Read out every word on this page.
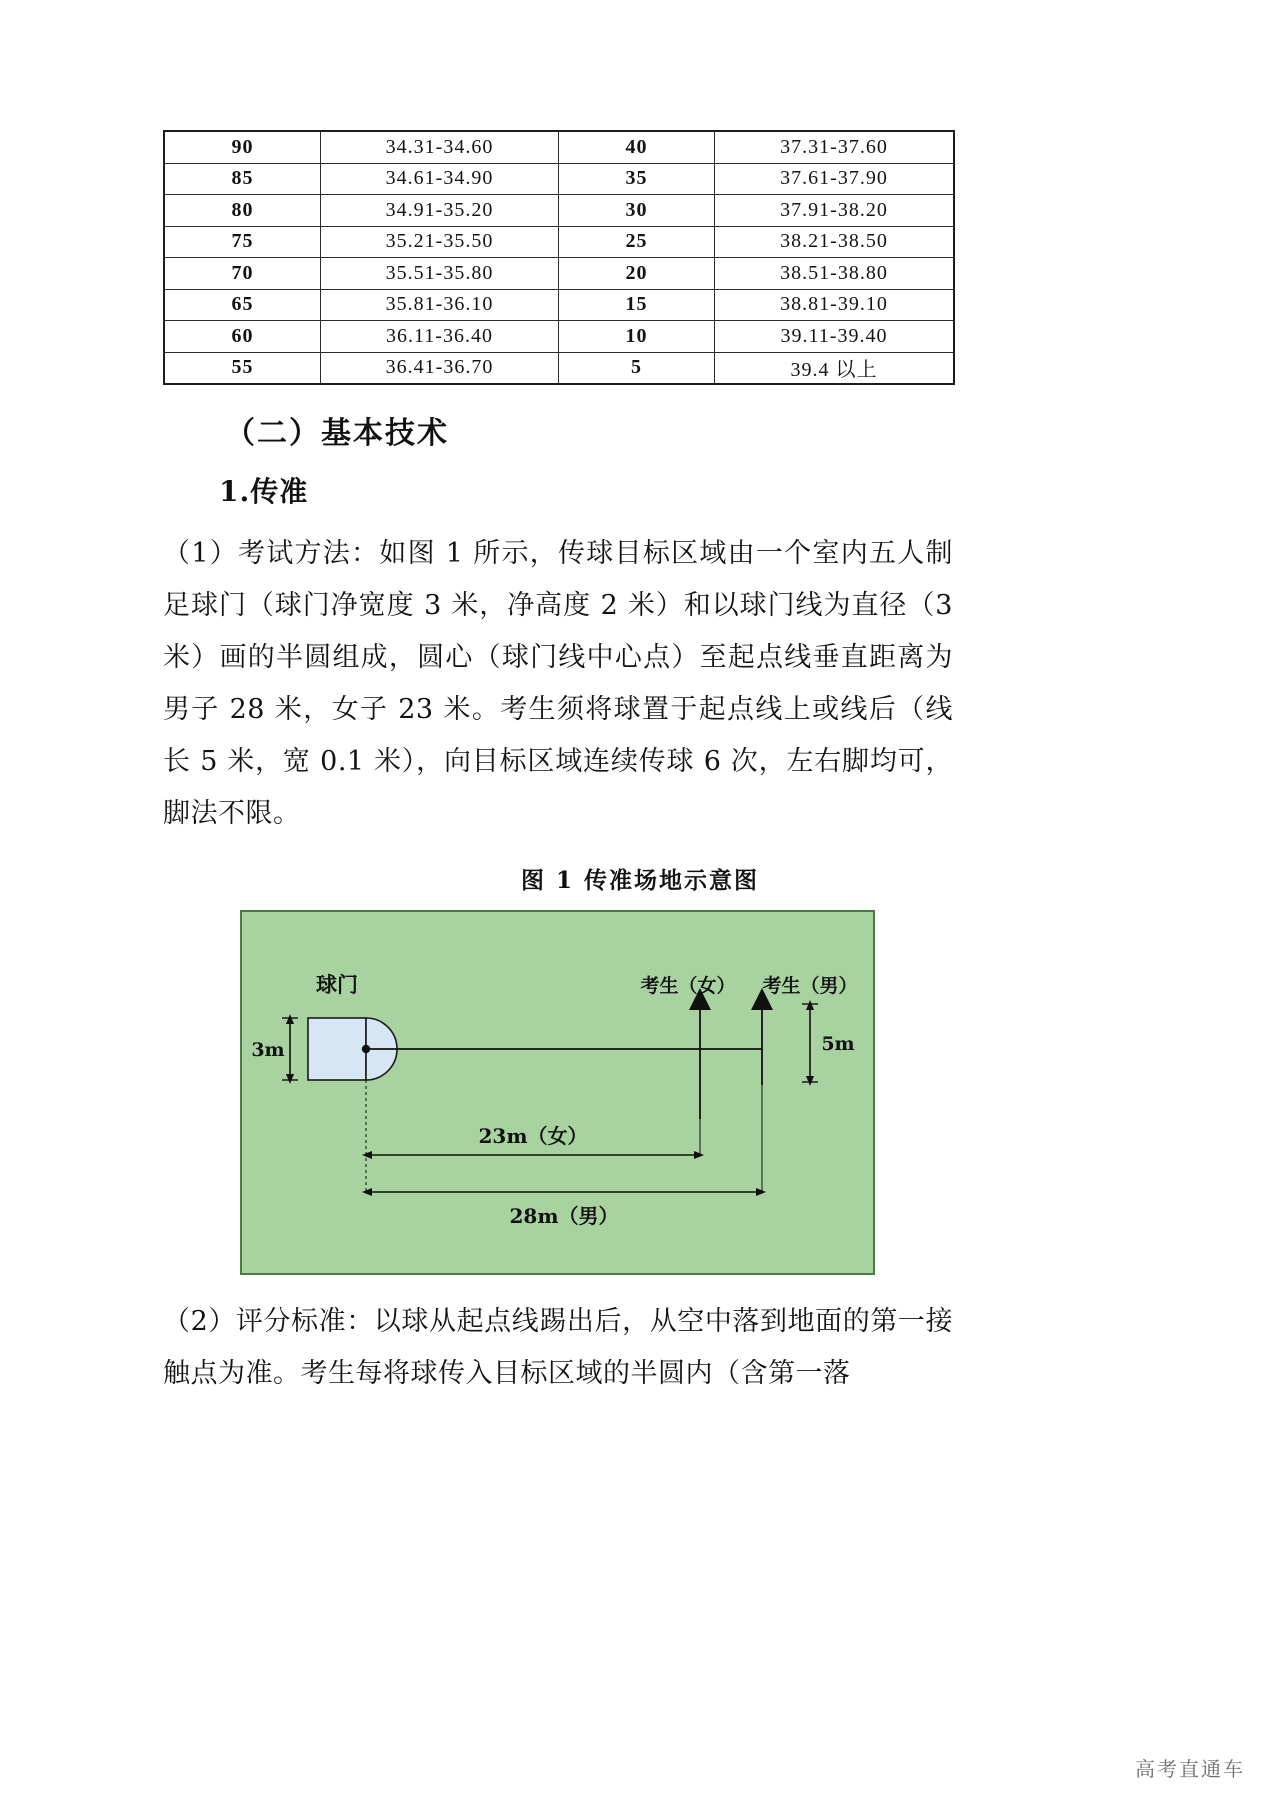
90	34.31-34.60	40	37.31-37.60
85	34.61-34.90	35	37.61-37.90
80	34.91-35.20	30	37.91-38.20
75	35.21-35.50	25	38.21-38.50
70	35.51-35.80	20	38.51-38.80
65	35.81-36.10	15	38.81-39.10
60	36.11-36.40	10	39.11-39.40
55	36.41-36.70	5	39.4 以上
（二）基本技术
1.传准
（1）考试方法：如图 1 所示，传球目标区域由一个室内五人制足球门（球门净宽度 3 米，净高度 2 米）和以球门线为直径（3 米）画的半圆组成，圆心（球门线中心点）至起点线垂直距离为男子 28 米，女子 23 米。考生须将球置于起点线上或线后（线长 5 米，宽 0.1 米），向目标区域连续传球 6 次，左右脚均可，脚法不限。
图 1 传准场地示意图
球门	考生（女） 考生（男）
3m	5m
23m（女）
28m（男）
（2）评分标准：以球从起点线踢出后，从空中落到地面的第一接触点为准。考生每将球传入目标区域的半圆内（含第一落
高考直通车
